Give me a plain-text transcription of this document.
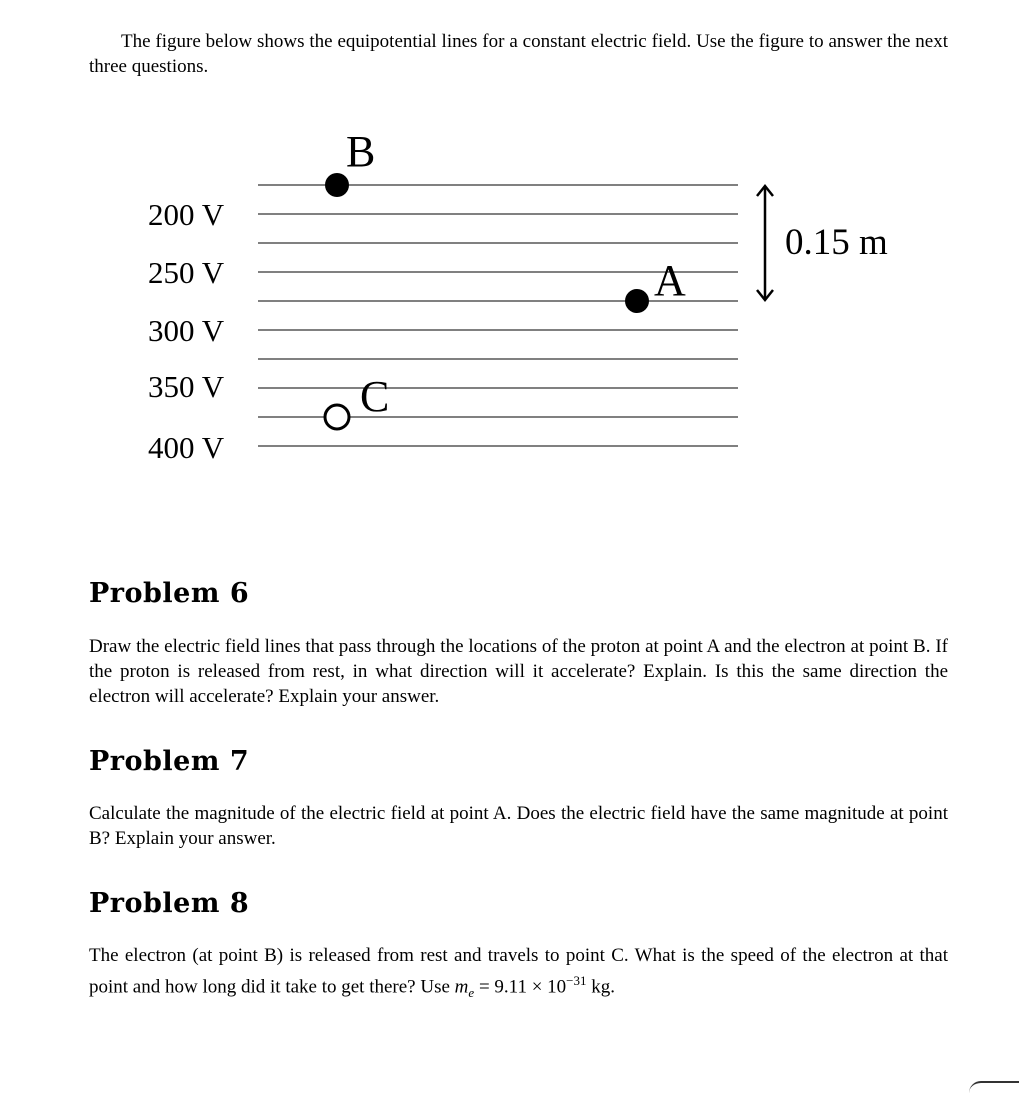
The figure below shows the equipotential lines for a constant electric field. Use the figure to answer the next three questions.

200 V
250 V
300 V
350 V
400 V
B
A
C
0.15 m
Problem 6

Draw the electric field lines that pass through the locations of the proton at point A and the electron at point B. If the proton is released from rest, in what direction will it accelerate? Explain. Is this the same direction the electron will accelerate? Explain your answer.

Problem 7

Calculate the magnitude of the electric field at point A. Does the electric field have the same magnitude at point B? Explain your answer.

Problem 8

The electron (at point B) is released from rest and travels to point C. What is the speed of the electron at that point and how long did it take to get there? Use $m_e = 9.11 \times 10^{-31}$ kg.
